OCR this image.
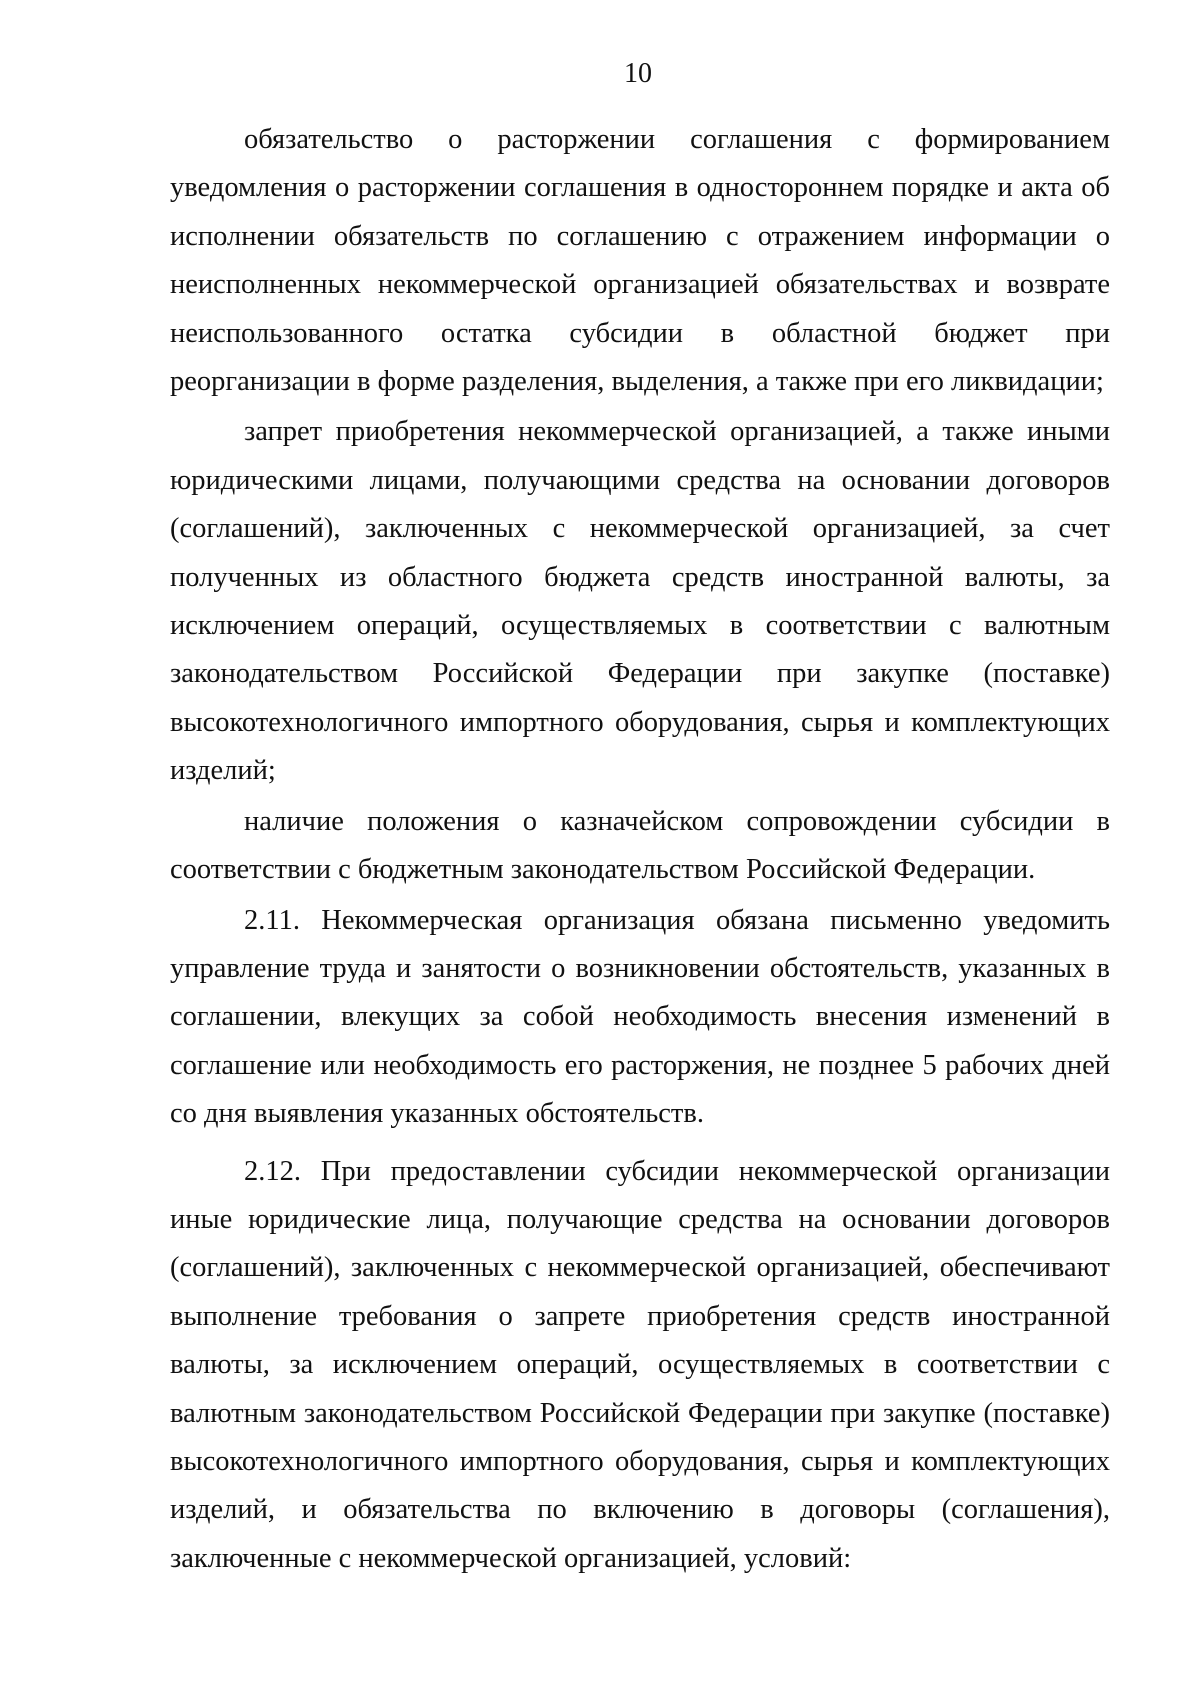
10

обязательство о расторжении соглашения с формированием уведомления о расторжении соглашения в одностороннем порядке и акта об исполнении обязательств по соглашению с отражением информации о неисполненных некоммерческой организацией обязательствах и возврате неиспользованного остатка субсидии в областной бюджет при реорганизации в форме разделения, выделения, а также при его ликвидации;

запрет приобретения некоммерческой организацией, а также иными юридическими лицами, получающими средства на основании договоров (соглашений), заключенных с некоммерческой организацией, за счет полученных из областного бюджета средств иностранной валюты, за исключением операций, осуществляемых в соответствии с валютным законодательством Российской Федерации при закупке (поставке) высокотехнологичного импортного оборудования, сырья и комплектующих изделий;

наличие положения о казначейском сопровождении субсидии в соответствии с бюджетным законодательством Российской Федерации.

2.11. Некоммерческая организация обязана письменно уведомить управление труда и занятости о возникновении обстоятельств, указанных в соглашении, влекущих за собой необходимость внесения изменений в соглашение или необходимость его расторжения, не позднее 5 рабочих дней со дня выявления указанных обстоятельств.

2.12. При предоставлении субсидии некоммерческой организации иные юридические лица, получающие средства на основании договоров (соглашений), заключенных с некоммерческой организацией, обеспечивают выполнение требования о запрете приобретения средств иностранной валюты, за исключением операций, осуществляемых в соответствии с валютным законодательством Российской Федерации при закупке (поставке) высокотехнологичного импортного оборудования, сырья и комплектующих изделий, и обязательства по включению в договоры (соглашения), заключенные с некоммерческой организацией, условий:
